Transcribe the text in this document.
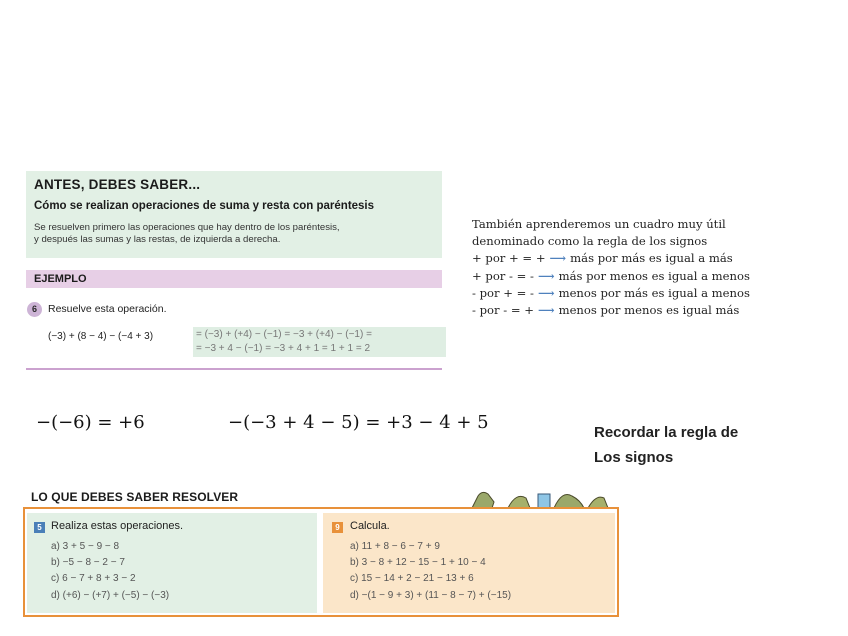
ANTES, DEBES SABER...
Cómo se realizan operaciones de suma y resta con paréntesis
Se resuelven primero las operaciones que hay dentro de los paréntesis,
y después las sumas y las restas, de izquierda a derecha.
EJEMPLO
6	Resuelve esta operación.
(−3) + (8 − 4) − (−4 + 3)	= (−3) + (+4) − (−1) = −3 + (+4) − (−1) =
= −3 + 4 − (−1) = −3 + 4 + 1 = 1 + 1 = 2
También aprenderemos un cuadro muy útil
denominado como la regla de los signos
+ por + = + ⟶ más por más es igual a más
+ por - = - ⟶ más por menos es igual a menos
- por + = - ⟶ menos por más es igual a menos
- por - = + ⟶ menos por menos es igual más
−(−6) = +6	−(−3 + 4 − 5) = +3 − 4 + 5	Recordar la regla de
Los signos
LO QUE DEBES SABER RESOLVER
5 Realiza estas operaciones.
a) 3 + 5 − 9 − 8
b) −5 − 8 − 2 − 7
c) 6 − 7 + 8 + 3 − 2
d) (+6) − (+7) + (−5) − (−3)
9 Calcula.
a) 11 + 8 − 6 − 7 + 9
b) 3 − 8 + 12 − 15 − 1 + 10 − 4
c) 15 − 14 + 2 − 21 − 13 + 6
d) −(1 − 9 + 3) + (11 − 8 − 7) + (−15)
